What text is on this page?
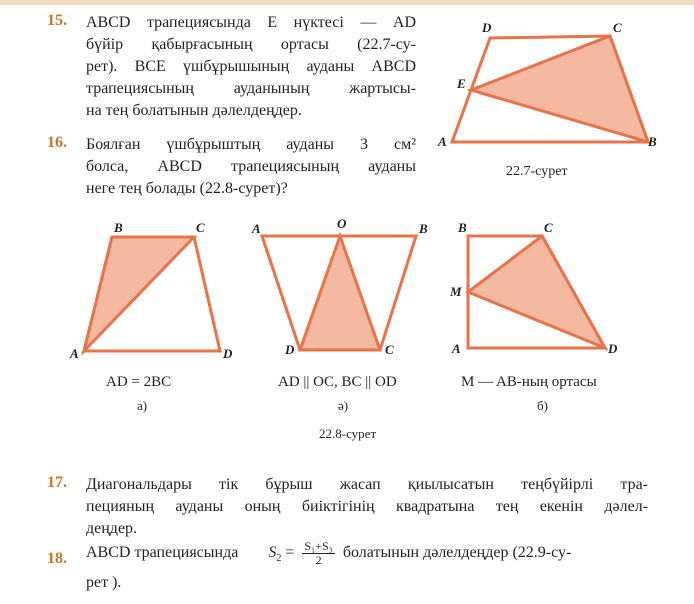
15. ABCD трапециясында E нүктесі — AD
бүйір қабырғасының ортасы (22.7-су-
рет). BCE үшбұрышының ауданы ABCD
трапециясының ауданының жартысы-
на тең болатынын дәлелдеңдер.
16. Боялған үшбұрыштың ауданы 3 см²
болса, ABCD трапециясының ауданы
неге тең болады (22.8-сурет)?
D	C
E
A	B
22.7-сурет
B	C
A	D
AD = 2BC
а)
A	O	B
D	C
AD || OC, BC || OD
ә)
B	C
M
A	D
M — AB-ның ортасы
б)
22.8-сурет
17. Диагональдары тік бұрыш жасап қиылысатын теңбүйірлі тра-
пецияның ауданы оның биіктігінің квадратына тең екенін дәлел-
деңдер.
18. ABCD трапециясында $S_2 = \frac{\text{S₁+S₃}}{2}$ болатынын дәлелдеңдер (22.9-су-
рет ).
